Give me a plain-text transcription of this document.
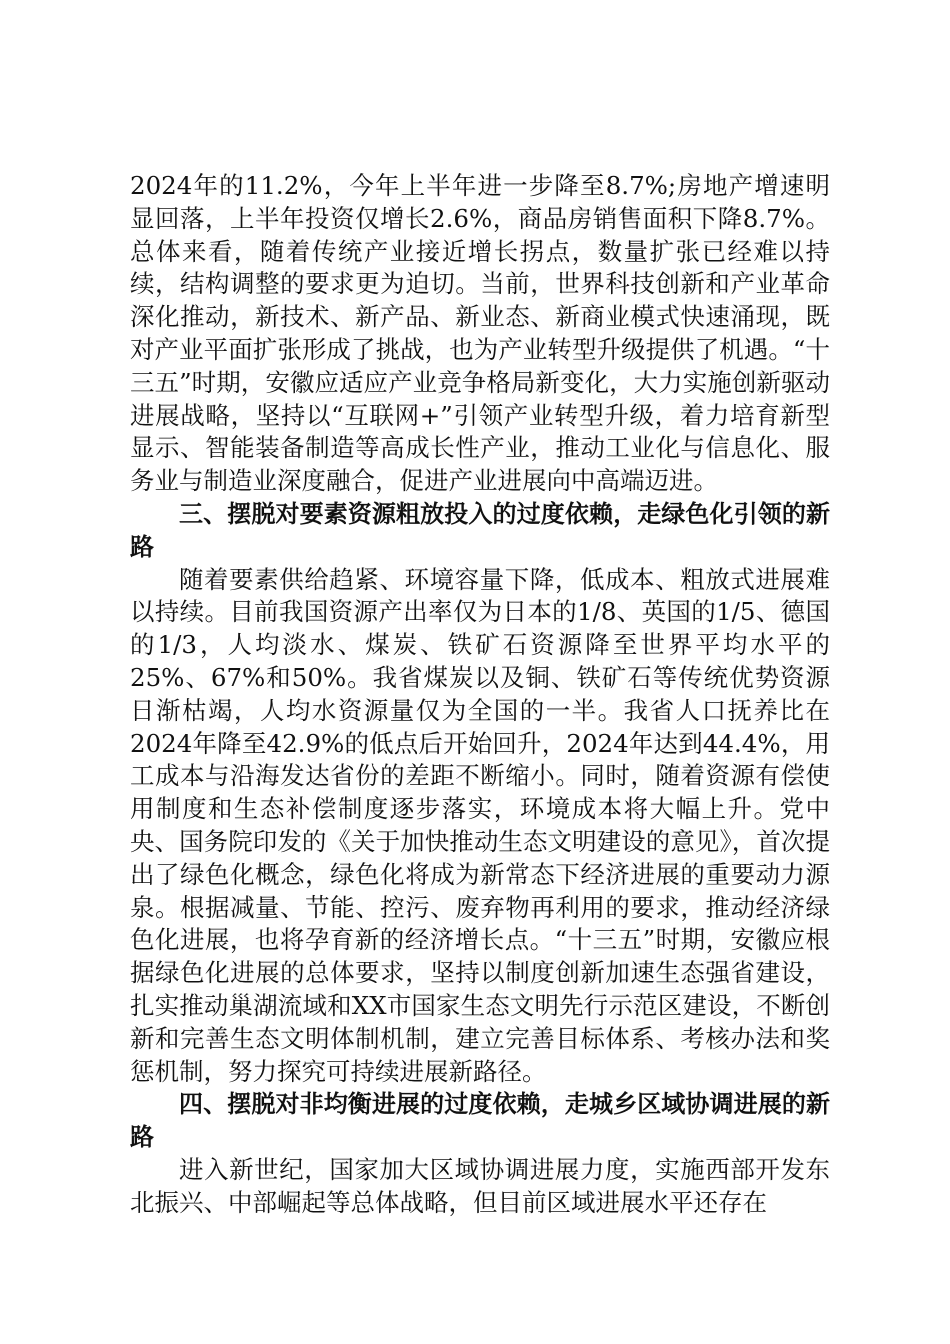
2024年的11.2%，今年上半年进一步降至8.7%;房地产增速明显回落，上半年投资仅增长2.6%，商品房销售面积下降8.7%。总体来看，随着传统产业接近增长拐点，数量扩张已经难以持续，结构调整的要求更为迫切。当前，世界科技创新和产业革命深化推动，新技术、新产品、新业态、新商业模式快速涌现，既对产业平面扩张形成了挑战，也为产业转型升级提供了机遇。“十三五”时期，安徽应适应产业竞争格局新变化，大力实施创新驱动进展战略，坚持以“互联网+”引领产业转型升级，着力培育新型显示、智能装备制造等高成长性产业，推动工业化与信息化、服务业与制造业深度融合，促进产业进展向中高端迈进。

三、摆脱对要素资源粗放投入的过度依赖，走绿色化引领的新路

随着要素供给趋紧、环境容量下降，低成本、粗放式进展难以持续。目前我国资源产出率仅为日本的1/8、英国的1/5、德国的1/3，人均淡水、煤炭、铁矿石资源降至世界平均水平的25%、67%和50%。我省煤炭以及铜、铁矿石等传统优势资源日渐枯竭，人均水资源量仅为全国的一半。我省人口抚养比在2024年降至42.9%的低点后开始回升，2024年达到44.4%，用工成本与沿海发达省份的差距不断缩小。同时，随着资源有偿使用制度和生态补偿制度逐步落实，环境成本将大幅上升。党中央、国务院印发的《关于加快推动生态文明建设的意见》，首次提出了绿色化概念，绿色化将成为新常态下经济进展的重要动力源泉。根据减量、节能、控污、废弃物再利用的要求，推动经济绿色化进展，也将孕育新的经济增长点。“十三五”时期，安徽应根据绿色化进展的总体要求，坚持以制度创新加速生态强省建设，扎实推动巢湖流域和XX市国家生态文明先行示范区建设，不断创新和完善生态文明体制机制，建立完善目标体系、考核办法和奖惩机制，努力探究可持续进展新路径。

四、摆脱对非均衡进展的过度依赖，走城乡区域协调进展的新路

进入新世纪，国家加大区域协调进展力度，实施西部开发东北振兴、中部崛起等总体战略，但目前区域进展水平还存在
